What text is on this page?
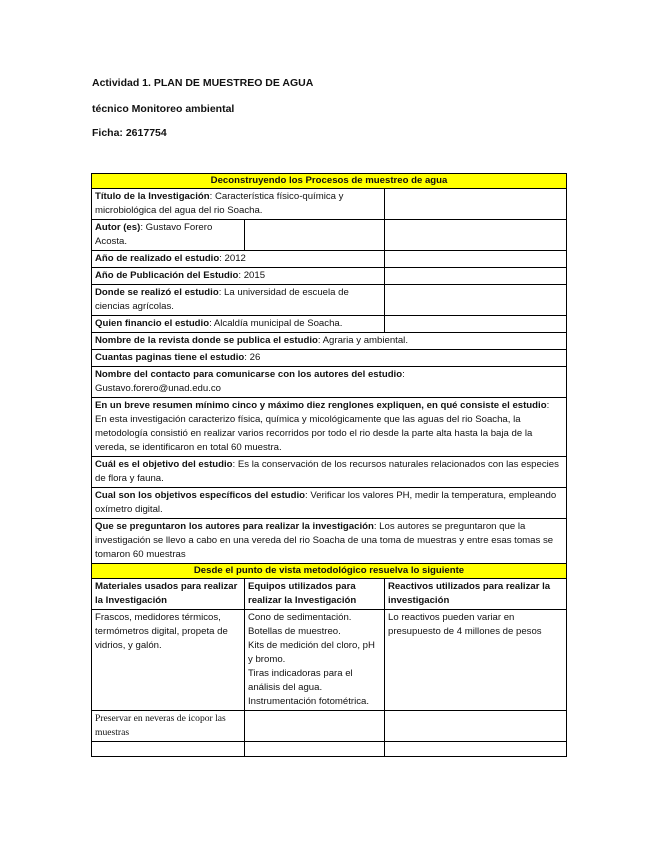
Actividad 1. PLAN DE MUESTREO DE AGUA
técnico Monitoreo ambiental
Ficha: 2617754
Deconstruyendo los Procesos de muestreo de agua		
Título de la Investigación: Característica físico-química y microbiológica del agua del rio Soacha.		
Autor (es): Gustavo Forero Acosta.		
Año de realizado el estudio: 2012		
Año de Publicación del Estudio: 2015		
Donde se realizó el estudio: La universidad de escuela de ciencias agrícolas.		
Quien financio el estudio: Alcaldía municipal de Soacha.		
Nombre de la revista donde se publica el estudio: Agraria y ambiental.		
Cuantas paginas tiene el estudio: 26		
Nombre del contacto para comunicarse con los autores del estudio:
Gustavo.forero@unad.edu.co		
En un breve resumen mínimo cinco y máximo diez renglones expliquen, en qué consiste el estudio: En esta investigación caracterizo física, química y micológicamente que las aguas del rio Soacha, la metodología consistió en realizar varios recorridos por todo el rio desde la parte alta hasta la baja de la vereda, se identificaron en total 60 muestra.		
Cuál es el objetivo del estudio: Es la conservación de los recursos naturales relacionados con las especies de flora y fauna.		
Cual son los objetivos específicos del estudio: Verificar los valores PH, medir la temperatura, empleando oxímetro digital.		
Que se preguntaron los autores para realizar la investigación: Los autores se preguntaron que la investigación se llevo a cabo en una vereda del rio Soacha de una toma de muestras y entre esas tomas se tomaron 60 muestras		
Desde el punto de vista metodológico resuelva lo siguiente		
Materiales usados para realizar la Investigación	Equipos utilizados para realizar la Investigación	Reactivos utilizados para realizar la investigación
Frascos, medidores térmicos, termómetros digital, propeta de vidrios, y galón.	Cono de sedimentación.
Botellas de muestreo.
Kits de medición del cloro, pH y bromo.
Tiras indicadoras para el análisis del agua.
Instrumentación fotométrica.	Lo reactivos pueden variar en presupuesto de 4 millones de pesos
Preservar en neveras de icopor las muestras		
